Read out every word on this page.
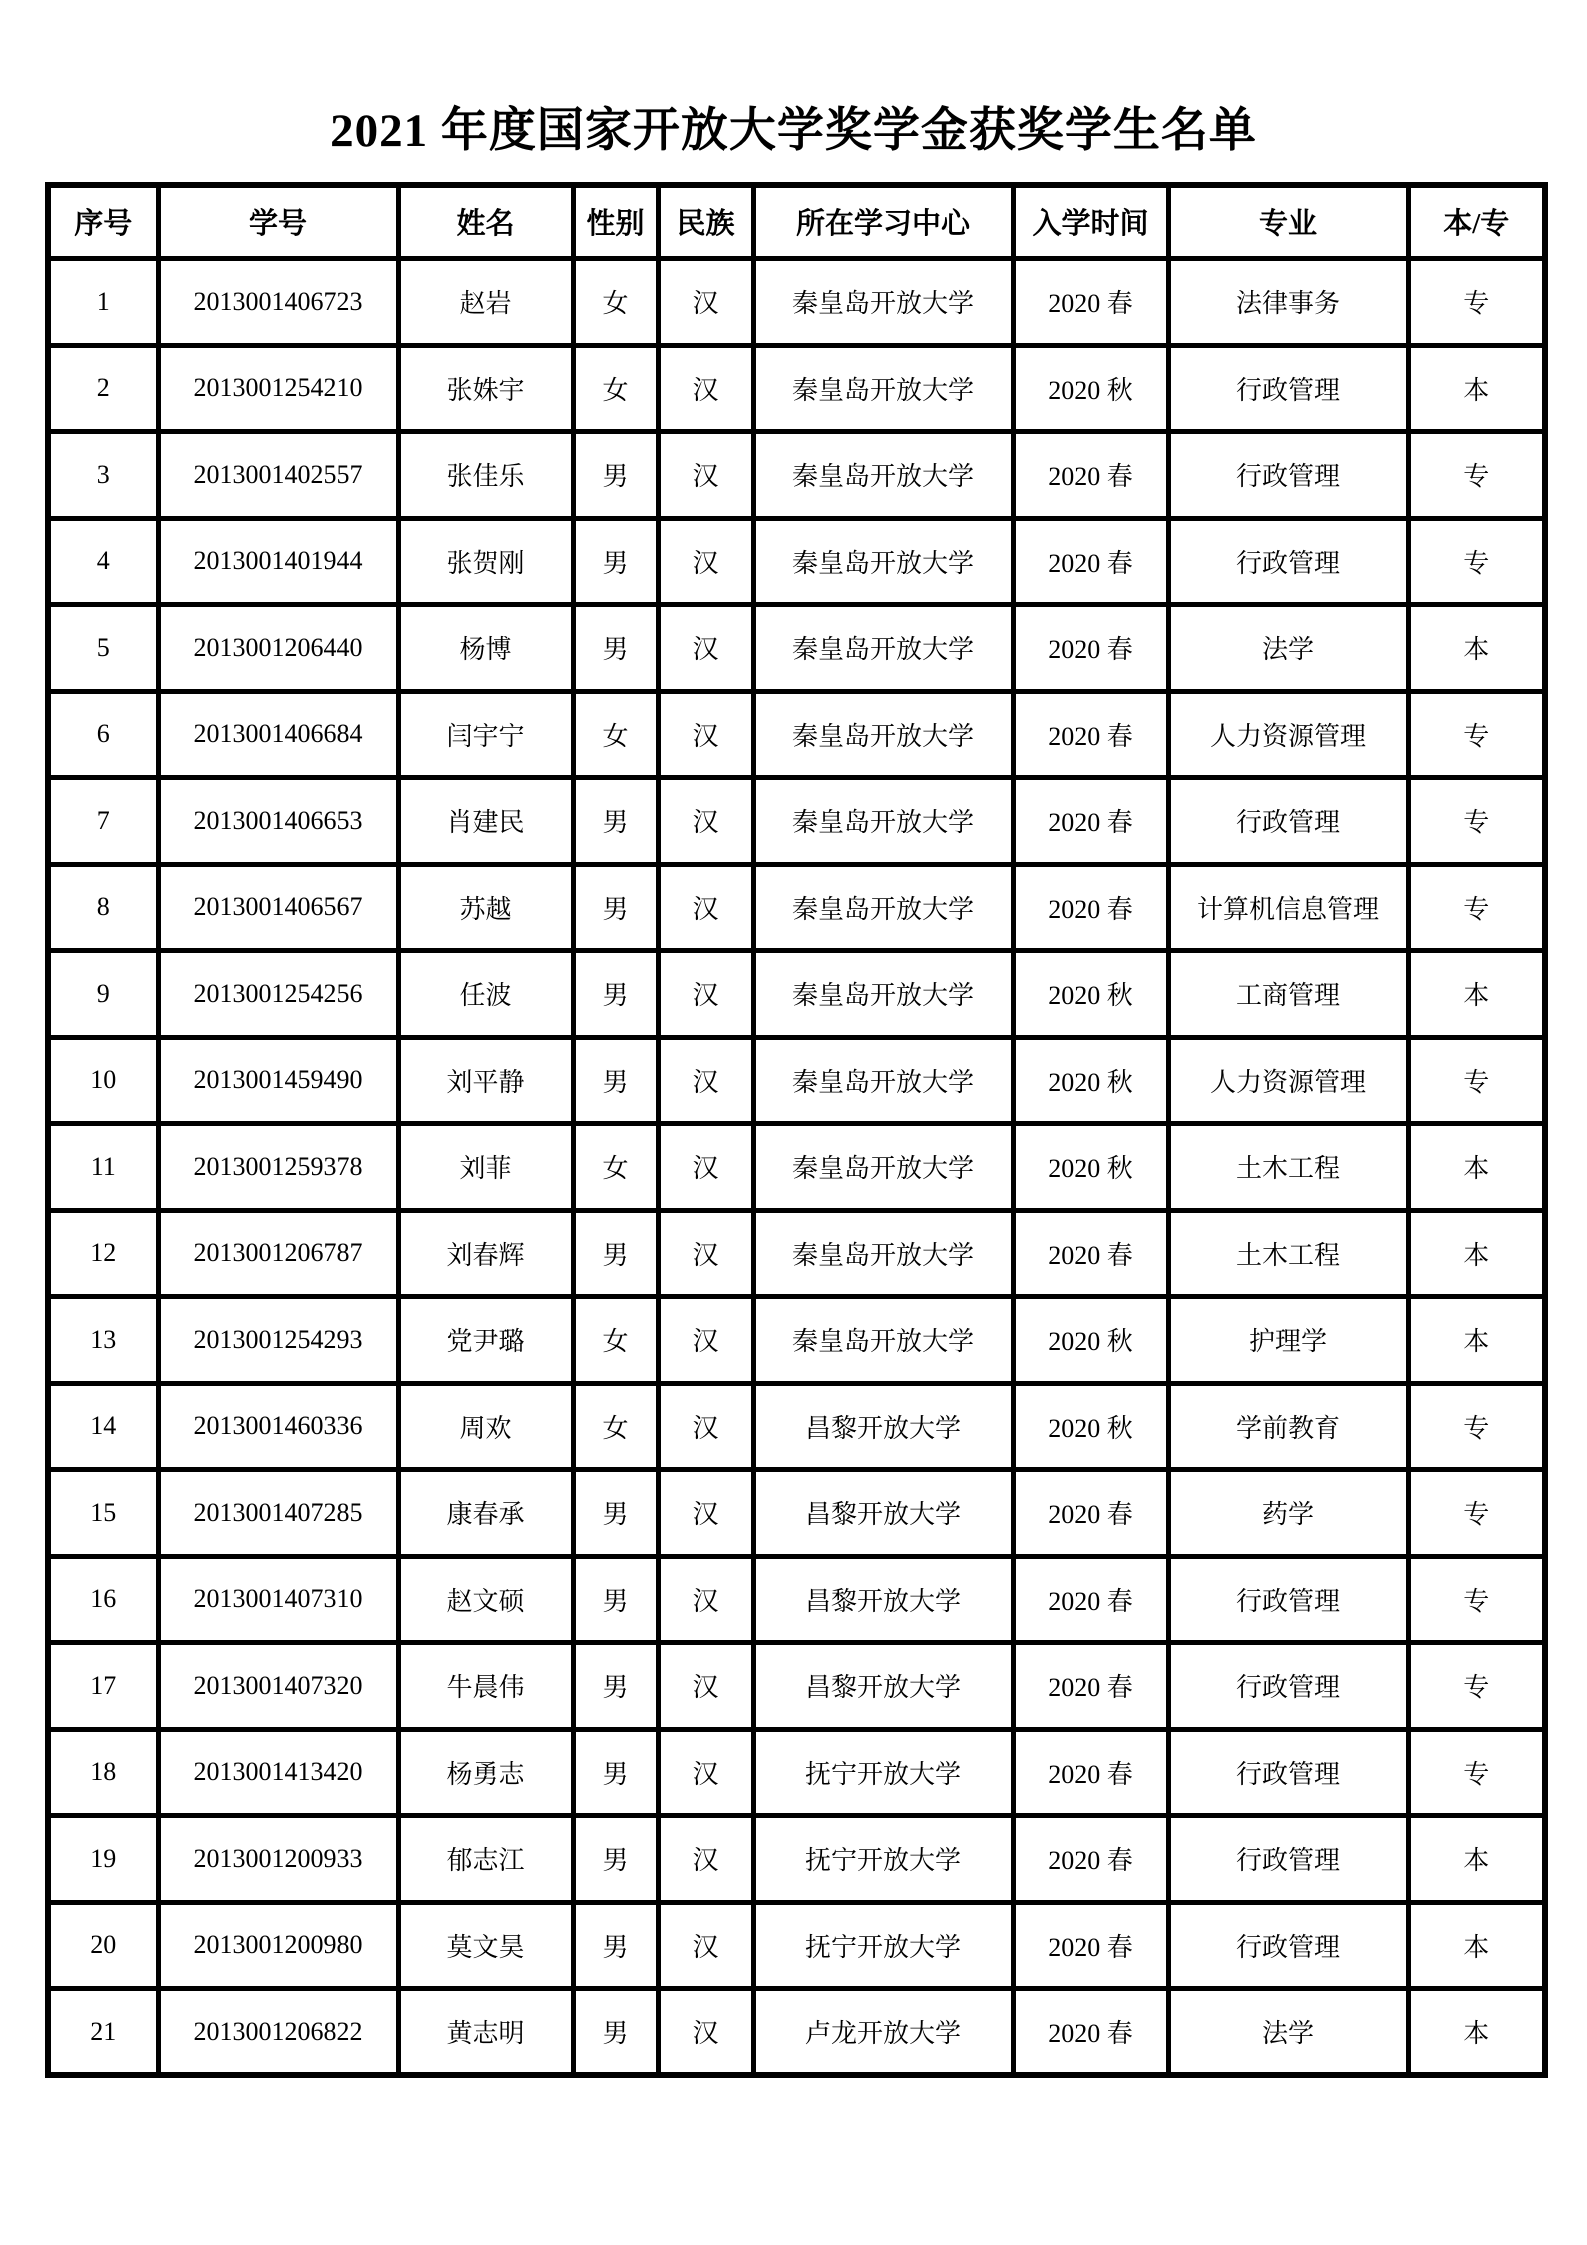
2021 年度国家开放大学奖学金获奖学生名单
序号	学号	姓名	性别	民族	所在学习中心	入学时间	专业	本/专
1	2013001406723	赵岩	女	汉	秦皇岛开放大学	2020 春	法律事务	专
2	2013001254210	张姝宇	女	汉	秦皇岛开放大学	2020 秋	行政管理	本
3	2013001402557	张佳乐	男	汉	秦皇岛开放大学	2020 春	行政管理	专
4	2013001401944	张贺刚	男	汉	秦皇岛开放大学	2020 春	行政管理	专
5	2013001206440	杨博	男	汉	秦皇岛开放大学	2020 春	法学	本
6	2013001406684	闫宇宁	女	汉	秦皇岛开放大学	2020 春	人力资源管理	专
7	2013001406653	肖建民	男	汉	秦皇岛开放大学	2020 春	行政管理	专
8	2013001406567	苏越	男	汉	秦皇岛开放大学	2020 春	计算机信息管理	专
9	2013001254256	任波	男	汉	秦皇岛开放大学	2020 秋	工商管理	本
10	2013001459490	刘平静	男	汉	秦皇岛开放大学	2020 秋	人力资源管理	专
11	2013001259378	刘菲	女	汉	秦皇岛开放大学	2020 秋	土木工程	本
12	2013001206787	刘春辉	男	汉	秦皇岛开放大学	2020 春	土木工程	本
13	2013001254293	党尹璐	女	汉	秦皇岛开放大学	2020 秋	护理学	本
14	2013001460336	周欢	女	汉	昌黎开放大学	2020 秋	学前教育	专
15	2013001407285	康春承	男	汉	昌黎开放大学	2020 春	药学	专
16	2013001407310	赵文硕	男	汉	昌黎开放大学	2020 春	行政管理	专
17	2013001407320	牛晨伟	男	汉	昌黎开放大学	2020 春	行政管理	专
18	2013001413420	杨勇志	男	汉	抚宁开放大学	2020 春	行政管理	专
19	2013001200933	郁志江	男	汉	抚宁开放大学	2020 春	行政管理	本
20	2013001200980	莫文昊	男	汉	抚宁开放大学	2020 春	行政管理	本
21	2013001206822	黄志明	男	汉	卢龙开放大学	2020 春	法学	本
